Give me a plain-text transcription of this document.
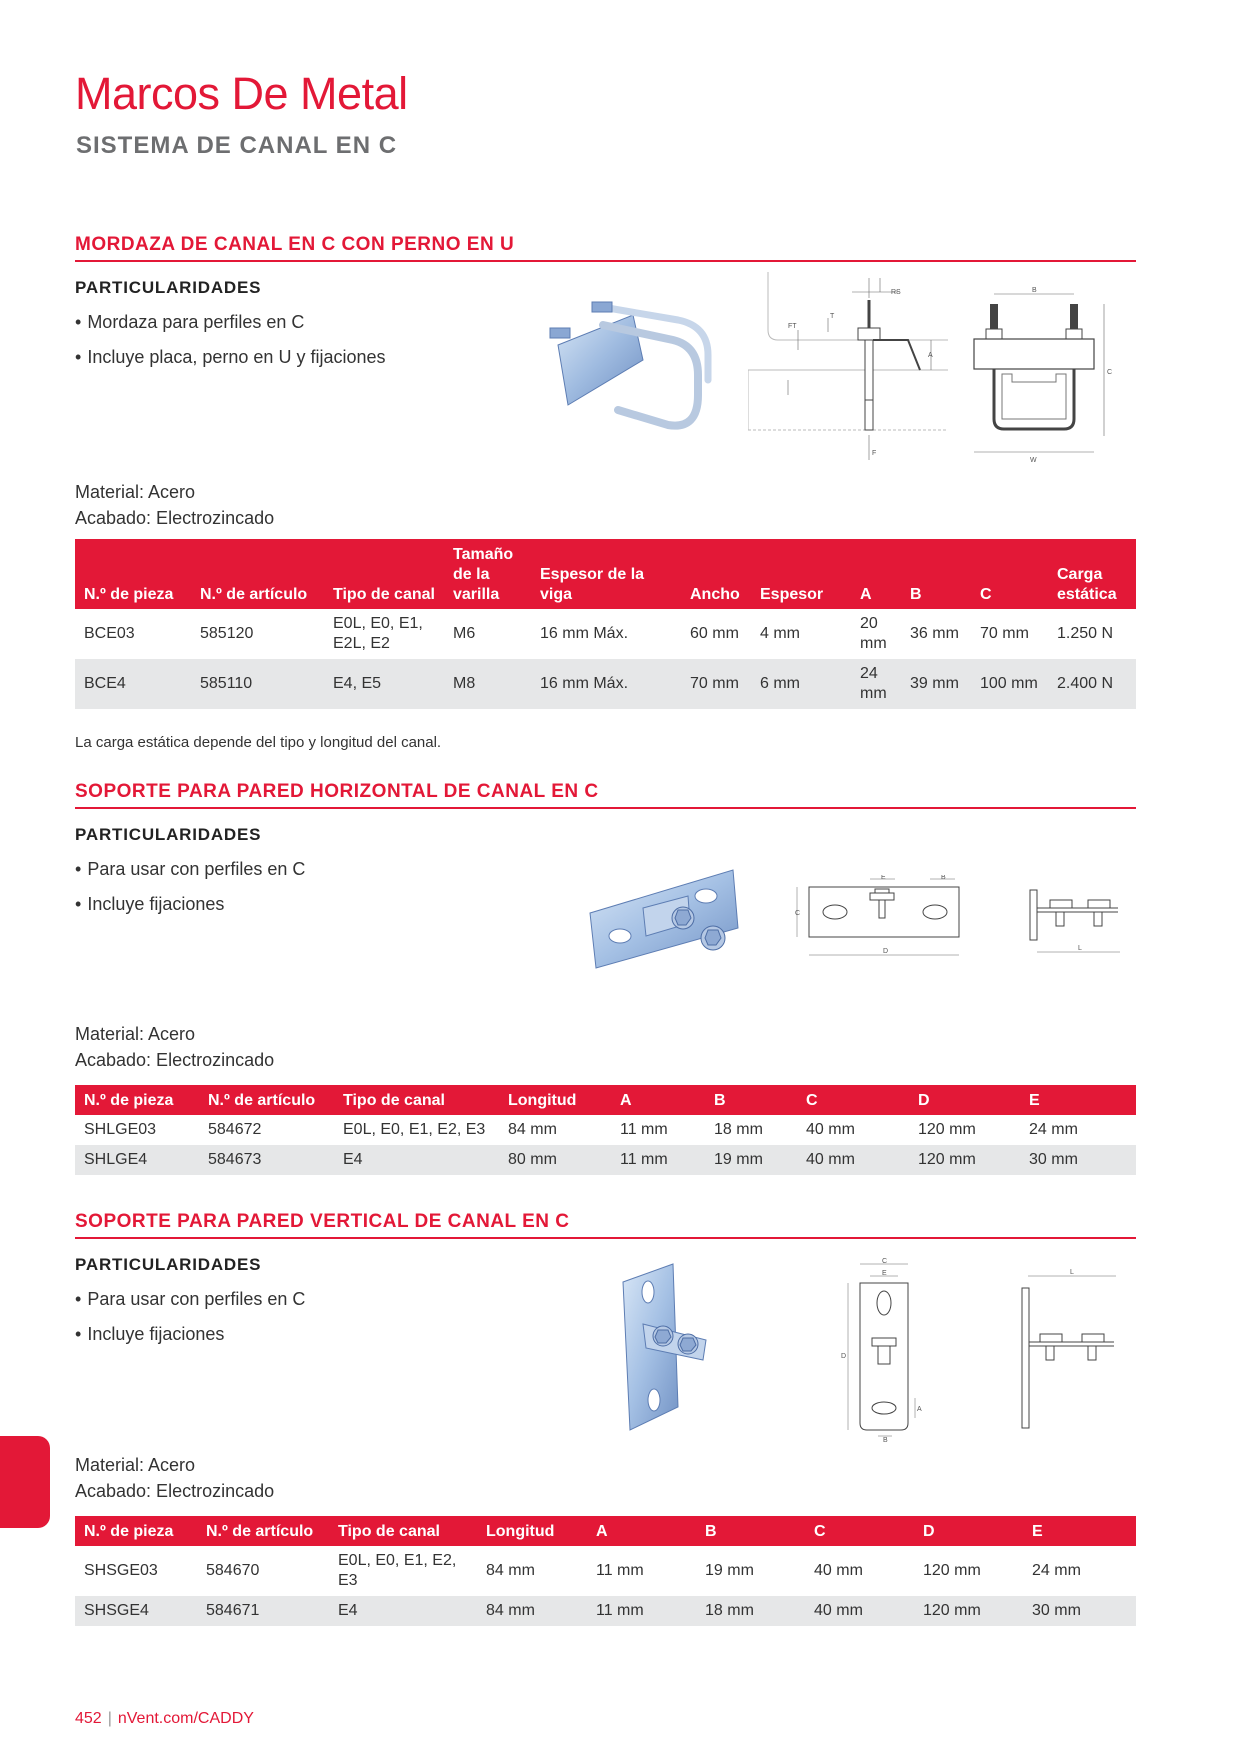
Marcos De Metal
SISTEMA DE CANAL EN C
MORDAZA DE CANAL EN C CON PERNO EN U
PARTICULARIDADES
• Mordaza para perfiles en C
• Incluye placa, perno en U y fijaciones
RS
FT
T
A
F
B
W
C
Material: Acero
Acabado: Electrozincado
N.º de pieza	N.º de artículo	Tipo de canal	Tamaño de la varilla	Espesor de la viga	Ancho	Espesor	A	B	C	Carga estática
BCE03	585120	E0L, E0, E1, E2L, E2	M6	16 mm Máx.	60 mm	4 mm	20 mm	36 mm	70 mm	1.250 N
BCE4	585110	E4, E5	M8	16 mm Máx.	70 mm	6 mm	24 mm	39 mm	100 mm	2.400 N
La carga estática depende del tipo y longitud del canal.
SOPORTE PARA PARED HORIZONTAL DE CANAL EN C
PARTICULARIDADES
• Para usar con perfiles en C
• Incluye fijaciones
E	B
C
D	L
Material: Acero
Acabado: Electrozincado
N.º de pieza	N.º de artículo	Tipo de canal	Longitud	A	B	C	D	E
SHLGE03	584672	E0L, E0, E1, E2, E3	84 mm	11 mm	18 mm	40 mm	120 mm	24 mm
SHLGE4	584673	E4	80 mm	11 mm	19 mm	40 mm	120 mm	30 mm
SOPORTE PARA PARED VERTICAL DE CANAL EN C
PARTICULARIDADES
• Para usar con perfiles en C
• Incluye fijaciones
C
E
D
A
B
L
Material: Acero
Acabado: Electrozincado
N.º de pieza	N.º de artículo	Tipo de canal	Longitud	A	B	C	D	E
SHSGE03	584670	E0L, E0, E1, E2, E3	84 mm	11 mm	19 mm	40 mm	120 mm	24 mm
SHSGE4	584671	E4	84 mm	11 mm	18 mm	40 mm	120 mm	30 mm
452 | nVent.com/CADDY
